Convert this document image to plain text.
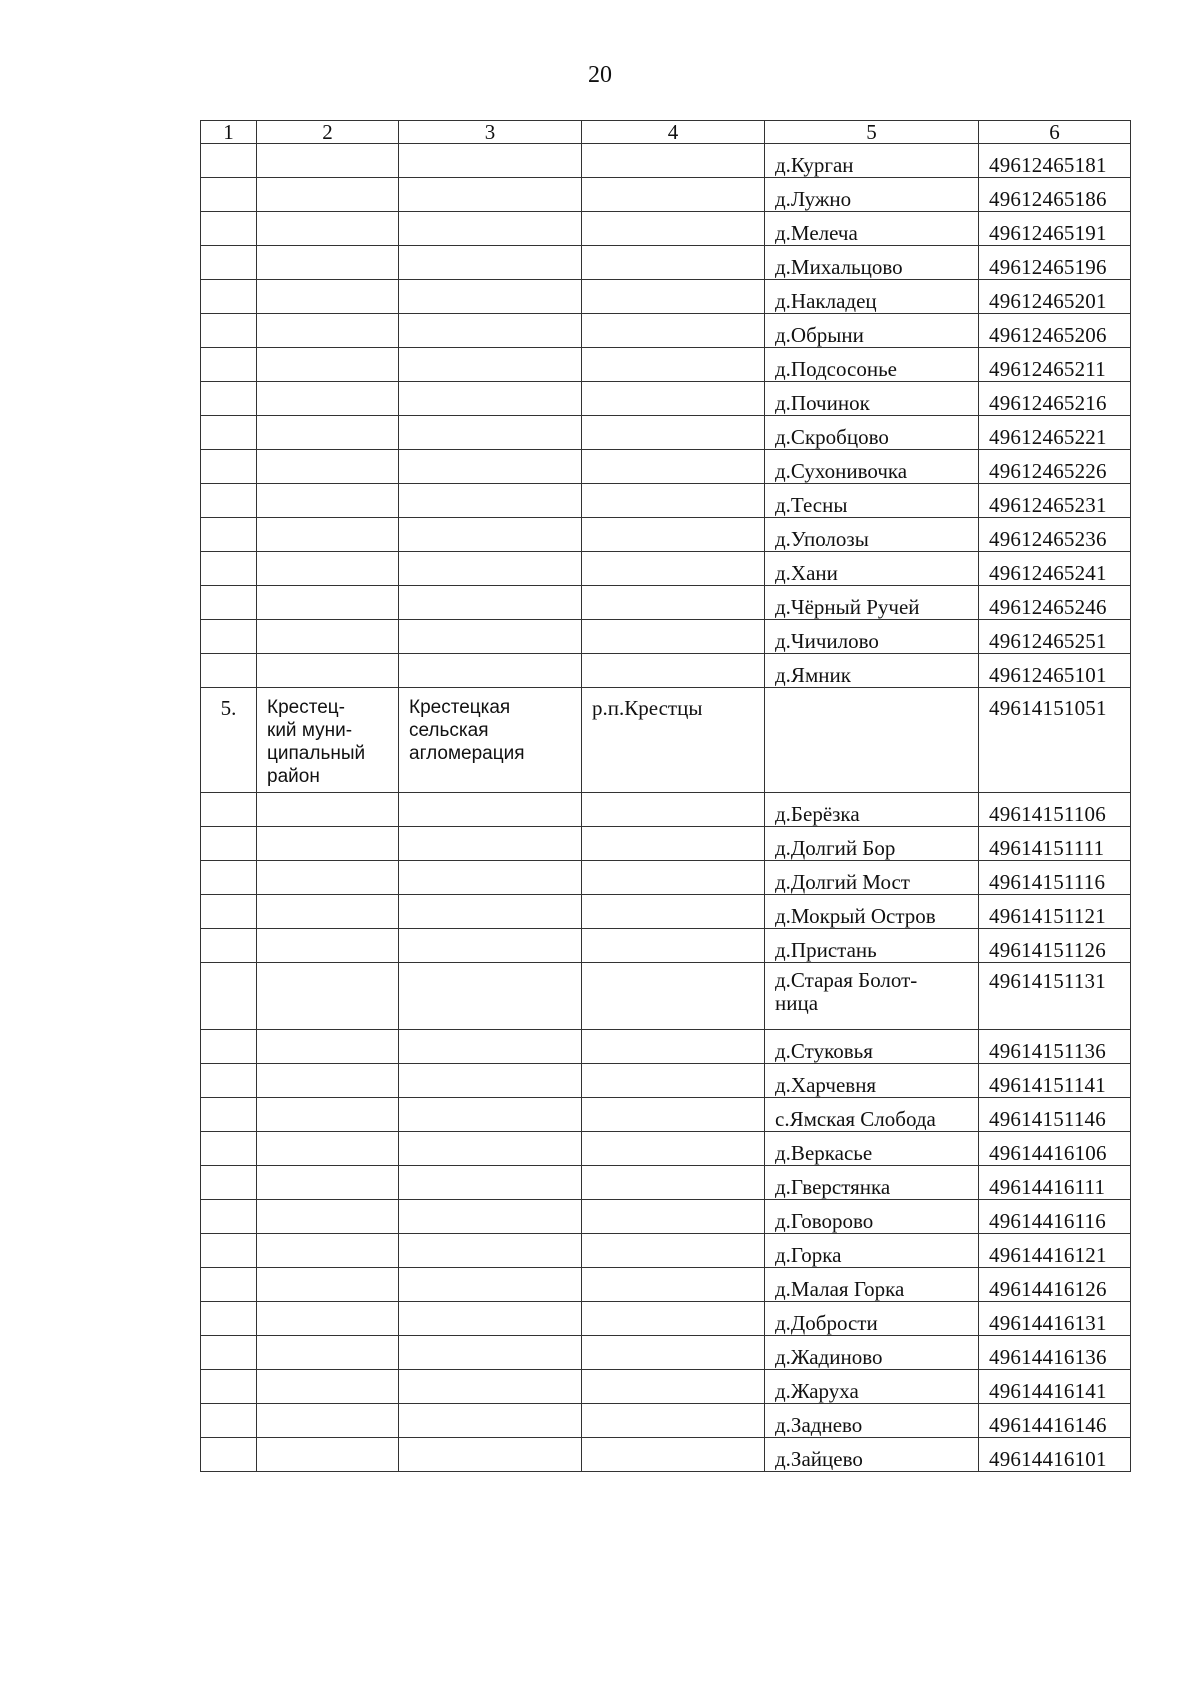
20
1	2	3	4	5	6
				д.Курган	49612465181
				д.Лужно	49612465186
				д.Мелеча	49612465191
				д.Михальцово	49612465196
				д.Накладец	49612465201
				д.Обрыни	49612465206
				д.Подсосонье	49612465211
				д.Починок	49612465216
				д.Скробцово	49612465221
				д.Сухонивочка	49612465226
				д.Тесны	49612465231
				д.Уполозы	49612465236
				д.Хани	49612465241
				д.Чёрный Ручей	49612465246
				д.Чичилово	49612465251
				д.Ямник	49612465101
5.	Крестец-
кий муни-
ципальный
район	Крестецкая
сельская
агломерация	р.п.Крестцы		49614151051
				д.Берёзка	49614151106
				д.Долгий Бор	49614151111
				д.Долгий Мост	49614151116
				д.Мокрый Остров	49614151121
				д.Пристань	49614151126
				д.Старая Болот-
ница	49614151131
				д.Стуковья	49614151136
				д.Харчевня	49614151141
				с.Ямская Слобода	49614151146
				д.Веркасье	49614416106
				д.Гверстянка	49614416111
				д.Говорово	49614416116
				д.Горка	49614416121
				д.Малая Горка	49614416126
				д.Добрости	49614416131
				д.Жадиново	49614416136
				д.Жаруха	49614416141
				д.Заднево	49614416146
				д.Зайцево	49614416101
